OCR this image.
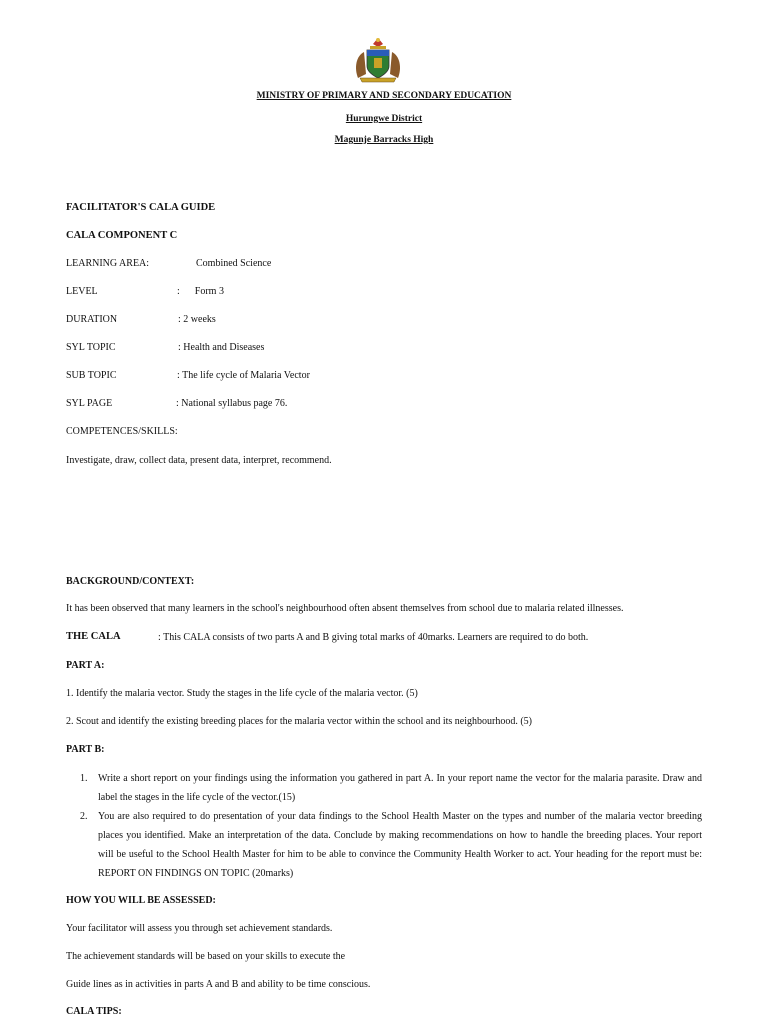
MINISTRY OF PRIMARY AND SECONDARY EDUCATION
Hurungwe District
Magunje Barracks High
FACILITATOR'S CALA GUIDE
CALA COMPONENT C
LEARNING AREA:	Combined Science
LEVEL	:      Form 3
DURATION	: 2 weeks
SYL TOPIC	: Health and Diseases
SUB TOPIC	: The life cycle of Malaria Vector
SYL PAGE	: National syllabus page 76.
COMPETENCES/SKILLS:
Investigate, draw, collect data, present data, interpret, recommend.
BACKGROUND/CONTEXT:
It has been observed that many learners in the school's neighbourhood often absent themselves from school due to malaria related illnesses.
THE CALA	: This CALA consists of two parts A and B giving total marks of 40marks. Learners are required to do both.
PART A:
1. Identify the malaria vector. Study the stages in the life cycle of the malaria vector. (5)
2. Scout and identify the existing breeding places for the malaria vector within the school and its neighbourhood. (5)
PART B:
1. Write a short report on your findings using the information you gathered in part A. In your report name the vector for the malaria parasite. Draw and label the stages in the life cycle of the vector.(15)
2. You are also required to do presentation of your data findings to the School Health Master on the types and number of the malaria vector breeding places you identified. Make an interpretation of the data. Conclude by making recommendations on how to handle the breeding places. Your report will be useful to the School Health Master for him to be able to convince the Community Health Worker to act. Your heading for the report must be: REPORT ON FINDINGS ON TOPIC (20marks)
HOW YOU WILL BE ASSESSED:
Your facilitator will assess you through set achievement standards.
The achievement standards will be based on your skills to execute the
Guide lines as in activities in parts A and B and ability to be time conscious.
CALA TIPS:
